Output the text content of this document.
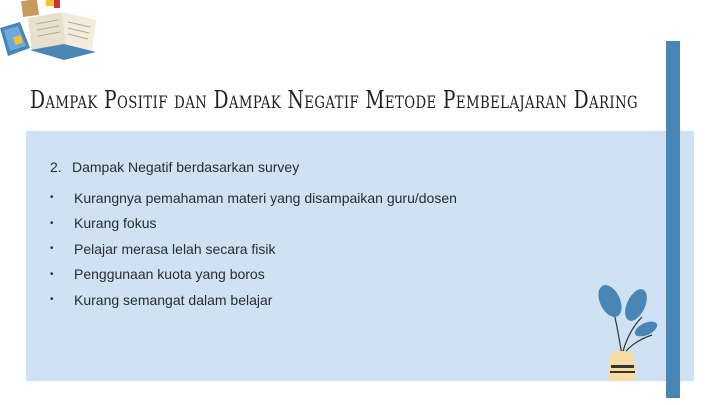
Dampak Positif dan Dampak Negatif Metode Pembelajaran Daring
2. Dampak Negatif berdasarkan survey
•	Kurangnya pemahaman materi yang disampaikan guru/dosen
•	Kurang fokus
•	Pelajar merasa lelah secara fisik
•	Penggunaan kuota yang boros
•	Kurang semangat dalam belajar
